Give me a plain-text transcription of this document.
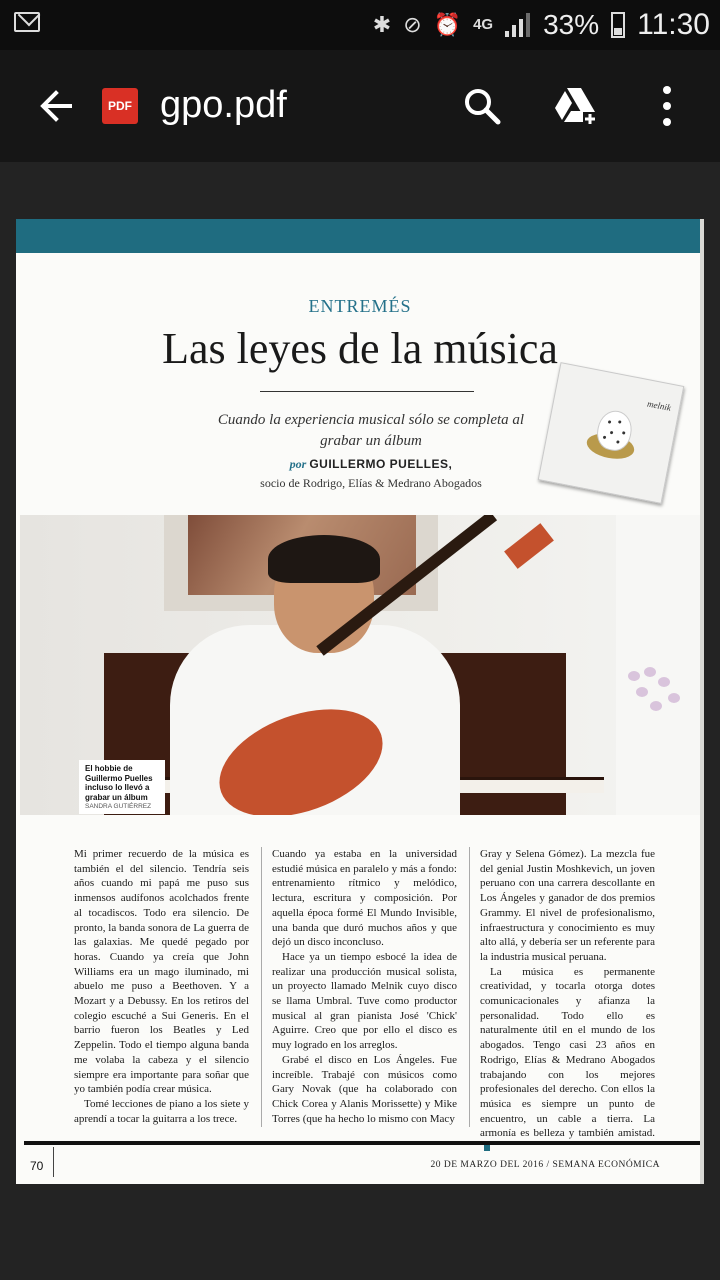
✱ ⊘ ⏰ 4G 33% 11:30
PDF gpo.pdf
ENTREMÉS
Las leyes de la música
Cuando la experiencia musical sólo se completa al grabar un álbum
por GUILLERMO PUELLES,
socio de Rodrigo, Elías & Medrano Abogados
melnik
El hobbie de Guillermo Puelles incluso lo llevó a grabar un álbum
SANDRA GUTIÉRREZ

Mi primer recuerdo de la música es también el del silencio. Tendría seis años cuando mi papá me puso sus inmensos audífonos acolchados frente al tocadiscos. Todo era silencio. De pronto, la banda sonora de La guerra de las galaxias. Me quedé pegado por horas. Cuando ya creía que John Williams era un mago iluminado, mi abuelo me puso a Beethoven. Y a Mozart y a Debussy. En los retiros del colegio escuché a Sui Generis. En el barrio fueron los Beatles y Led Zeppelin. Todo el tiempo alguna banda me volaba la cabeza y el silencio siempre era importante para soñar que yo también podía crear música.

Tomé lecciones de piano a los siete y aprendí a tocar la guitarra a los trece.

Cuando ya estaba en la universidad estudié música en paralelo y más a fondo: entrenamiento rítmico y melódico, lectura, escritura y composición. Por aquella época formé El Mundo Invisible, una banda que duró muchos años y que dejó un disco inconcluso.

Hace ya un tiempo esbocé la idea de realizar una producción musical solista, un proyecto llamado Melnik cuyo disco se llama Umbral. Tuve como productor musical al gran pianista José 'Chick' Aguirre. Creo que por ello el disco es muy logrado en los arreglos.

Grabé el disco en Los Ángeles. Fue increíble. Trabajé con músicos como Gary Novak (que ha colaborado con Chick Corea y Alanis Morissette) y Mike Torres (que ha hecho lo mismo con Macy

Gray y Selena Gómez). La mezcla fue del genial Justin Moshkevich, un joven peruano con una carrera descollante en Los Ángeles y ganador de dos premios Grammy. El nivel de profesionalismo, infraestructura y conocimiento es muy alto allá, y debería ser un referente para la industria musical peruana.

La música es permanente creatividad, y tocarla otorga dotes comunicacionales y afianza la personalidad. Todo ello es naturalmente útil en el mundo de los abogados. Tengo casi 23 años en Rodrigo, Elías & Medrano Abogados trabajando con los mejores profesionales del derecho. Con ellos la música es siempre un punto de encuentro, un cable a tierra. La armonía es belleza y también amistad.

70	20 DE MARZO DEL 2016 / SEMANA ECONÓMICA
